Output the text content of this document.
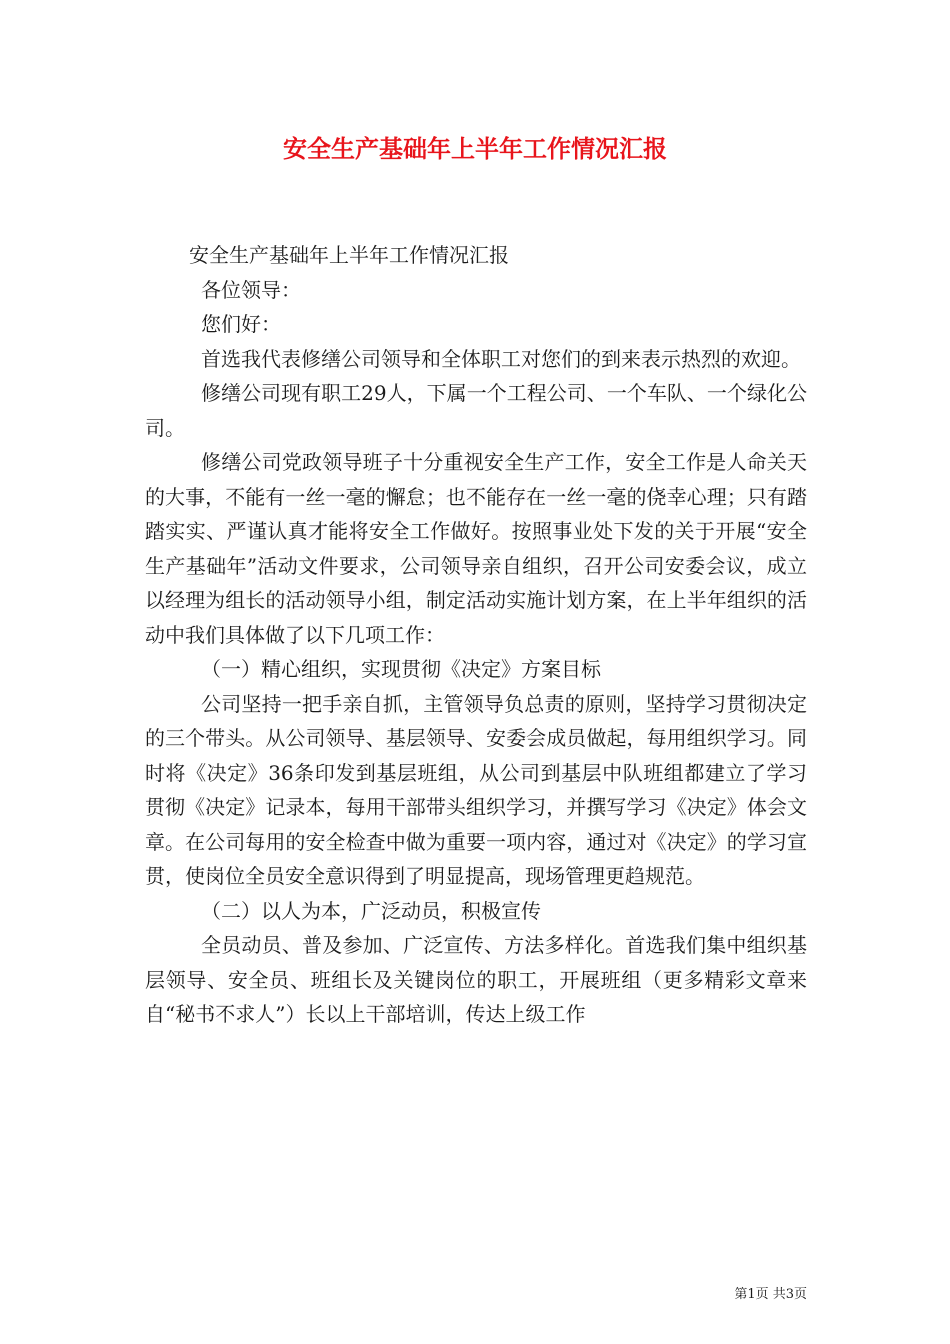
安全生产基础年上半年工作情况汇报

安全生产基础年上半年工作情况汇报

各位领导：

您们好：

首选我代表修缮公司领导和全体职工对您们的到来表示热烈的欢迎。

修缮公司现有职工29人，下属一个工程公司、一个车队、一个绿化公司。

修缮公司党政领导班子十分重视安全生产工作，安全工作是人命关天的大事，不能有一丝一毫的懈怠；也不能存在一丝一毫的侥幸心理；只有踏踏实实、严谨认真才能将安全工作做好。按照事业处下发的关于开展“安全生产基础年”活动文件要求，公司领导亲自组织，召开公司安委会议，成立以经理为组长的活动领导小组，制定活动实施计划方案，在上半年组织的活动中我们具体做了以下几项工作：

（一）精心组织，实现贯彻《决定》方案目标

公司坚持一把手亲自抓，主管领导负总责的原则，坚持学习贯彻决定的三个带头。从公司领导、基层领导、安委会成员做起，每用组织学习。同时将《决定》36条印发到基层班组，从公司到基层中队班组都建立了学习贯彻《决定》记录本，每用干部带头组织学习，并撰写学习《决定》体会文章。在公司每用的安全检查中做为重要一项内容，通过对《决定》的学习宣贯，使岗位全员安全意识得到了明显提高，现场管理更趋规范。

（二）以人为本，广泛动员，积极宣传

全员动员、普及参加、广泛宣传、方法多样化。首选我们集中组织基层领导、安全员、班组长及关键岗位的职工，开展班组（更多精彩文章来自“秘书不求人”）长以上干部培训，传达上级工作

第1页 共3页
